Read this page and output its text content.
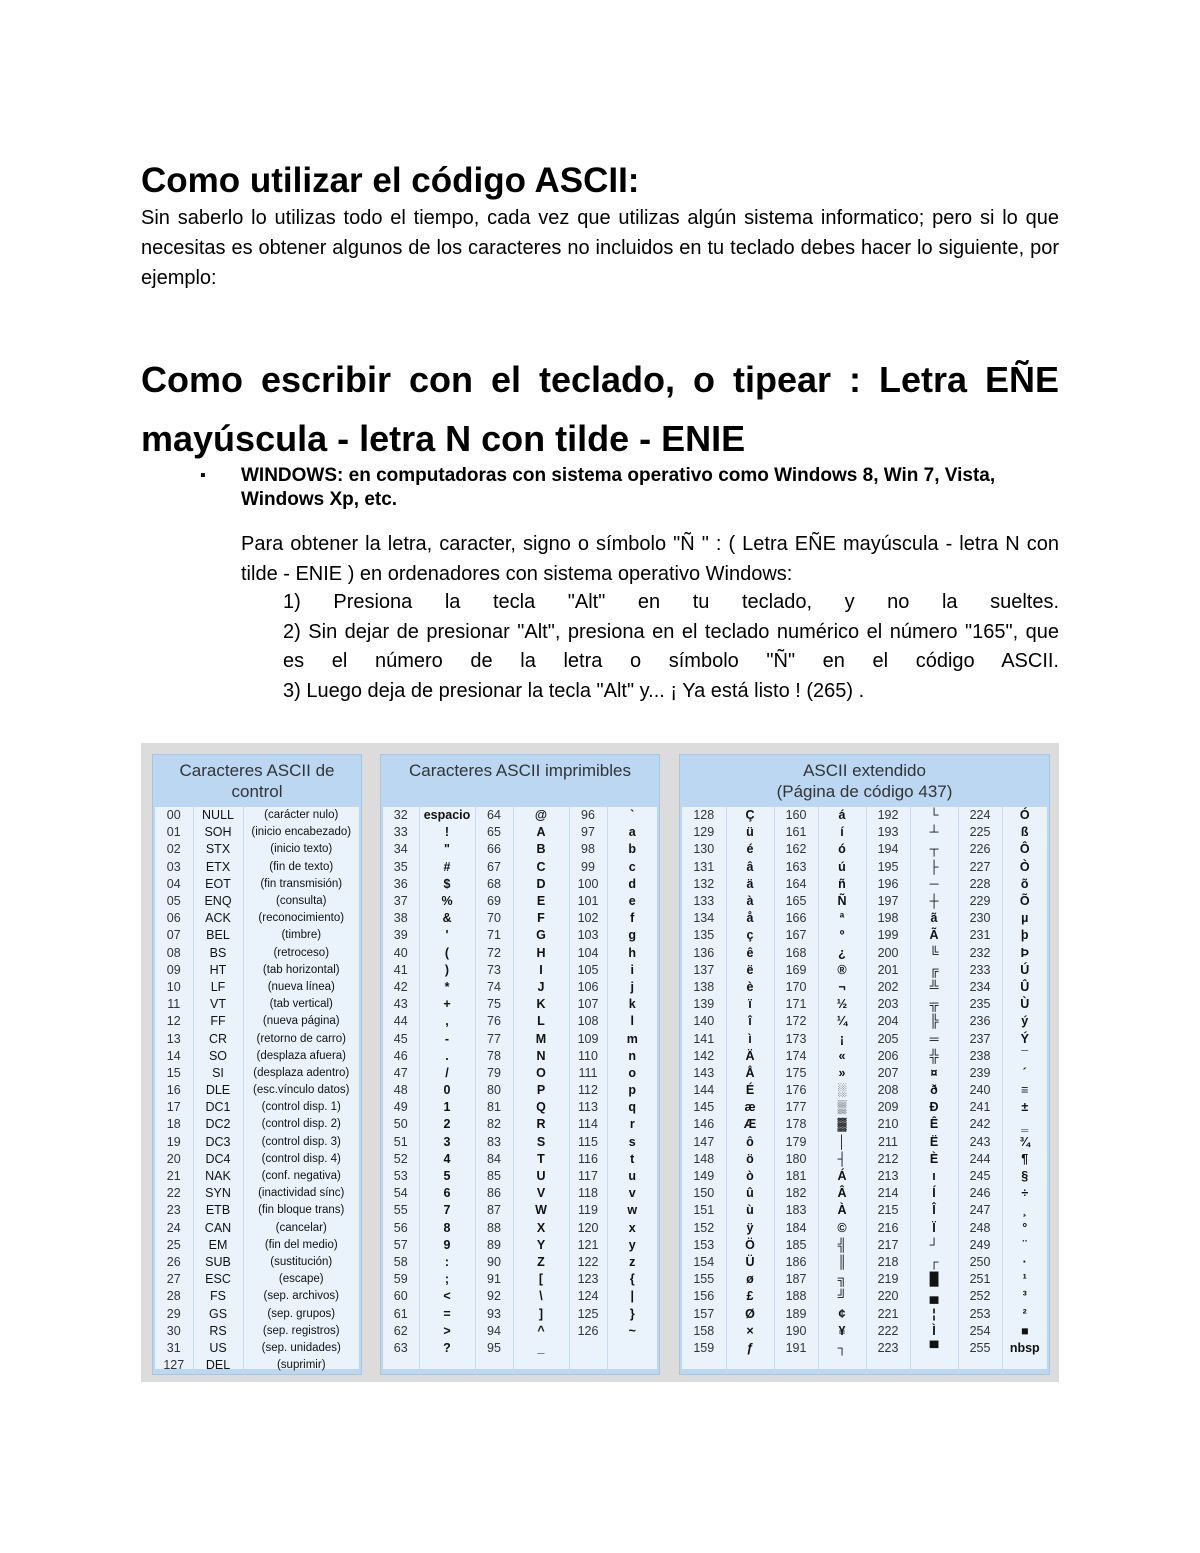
Como utilizar el código ASCII:

Sin saberlo lo utilizas todo el tiempo, cada vez que utilizas algún sistema informatico; pero si lo que necesitas es obtener algunos de los caracteres no incluidos en tu teclado debes hacer lo siguiente, por ejemplo:

Como escribir con el teclado, o tipear : Letra EÑE
mayúscula - letra N con tilde - ENIE
▪ WINDOWS: en computadoras con sistema operativo como Windows 8, Win 7, Vista, Windows Xp, etc.

Para obtener la letra, caracter, signo o símbolo "Ñ " : ( Letra EÑE mayúscula - letra N con
tilde - ENIE ) en ordenadores con sistema operativo Windows:

1) Presiona la tecla "Alt" en tu teclado, y no la sueltes.
2) Sin dejar de presionar "Alt", presiona en el teclado numérico el número "165", que
es el número de la letra o símbolo "Ñ" en el código ASCII.
3) Luego deja de presionar la tecla "Alt" y... ¡ Ya está listo ! (265) .
Caracteres ASCII de control
00	NULL	(carácter nulo)
01	SOH	(inicio encabezado)
02	STX	(inicio texto)
03	ETX	(fin de texto)
04	EOT	(fin transmisión)
05	ENQ	(consulta)
06	ACK	(reconocimiento)
07	BEL	(timbre)
08	BS	(retroceso)
09	HT	(tab horizontal)
10	LF	(nueva línea)
11	VT	(tab vertical)
12	FF	(nueva página)
13	CR	(retorno de carro)
14	SO	(desplaza afuera)
15	SI	(desplaza adentro)
16	DLE	(esc.vínculo datos)
17	DC1	(control disp. 1)
18	DC2	(control disp. 2)
19	DC3	(control disp. 3)
20	DC4	(control disp. 4)
21	NAK	(conf. negativa)
22	SYN	(inactividad sínc)
23	ETB	(fin bloque trans)
24	CAN	(cancelar)
25	EM	(fin del medio)
26	SUB	(sustitución)
27	ESC	(escape)
28	FS	(sep. archivos)
29	GS	(sep. grupos)
30	RS	(sep. registros)
31	US	(sep. unidades)
127	DEL	(suprimir)
Caracteres ASCII imprimibles
32	espacio	64	@	96	`
33	!	65	A	97	a
34	"	66	B	98	b
35	#	67	C	99	c
36	$	68	D	100	d
37	%	69	E	101	e
38	&	70	F	102	f
39	'	71	G	103	g
40	(	72	H	104	h
41	)	73	I	105	i
42	*	74	J	106	j
43	+	75	K	107	k
44	,	76	L	108	l
45	-	77	M	109	m
46	.	78	N	110	n
47	/	79	O	111	o
48	0	80	P	112	p
49	1	81	Q	113	q
50	2	82	R	114	r
51	3	83	S	115	s
52	4	84	T	116	t
53	5	85	U	117	u
54	6	86	V	118	v
55	7	87	W	119	w
56	8	88	X	120	x
57	9	89	Y	121	y
58	:	90	Z	122	z
59	;	91	[	123	{
60	<	92	\	124	|
61	=	93	]	125	}
62	>	94	^	126	~
63	?	95	_		

ASCII extendido
(Página de código 437)
128	Ç	160	á	192	└	224	Ó
129	ü	161	í	193	┴	225	ß
130	é	162	ó	194	┬	226	Ô
131	â	163	ú	195	├	227	Ò
132	ä	164	ñ	196	─	228	õ
133	à	165	Ñ	197	┼	229	Õ
134	å	166	ª	198	ã	230	µ
135	ç	167	º	199	Ã	231	þ
136	ê	168	¿	200	╚	232	Þ
137	ë	169	®	201	╔	233	Ú
138	è	170	¬	202	╩	234	Û
139	ï	171	½	203	╦	235	Ù
140	î	172	¼	204	╠	236	ý
141	ì	173	¡	205	═	237	Ý
142	Ä	174	«	206	╬	238	¯
143	Å	175	»	207	¤	239	´
144	É	176	░	208	ð	240	≡
145	æ	177	▒	209	Ð	241	±
146	Æ	178	▓	210	Ê	242	‗
147	ô	179	│	211	Ë	243	¾
148	ö	180	┤	212	È	244	¶
149	ò	181	Á	213	ı	245	§
150	û	182	Â	214	Í	246	÷
151	ù	183	À	215	Î	247	¸
152	ÿ	184	©	216	Ï	248	°
153	Ö	185	╣	217	┘	249	¨
154	Ü	186	║	218	┌	250	·
155	ø	187	╗	219	█	251	¹
156	£	188	╝	220	▄	252	³
157	Ø	189	¢	221	¦	253	²
158	×	190	¥	222	Ì	254	■
159	ƒ	191	┐	223	▀	255	nbsp
